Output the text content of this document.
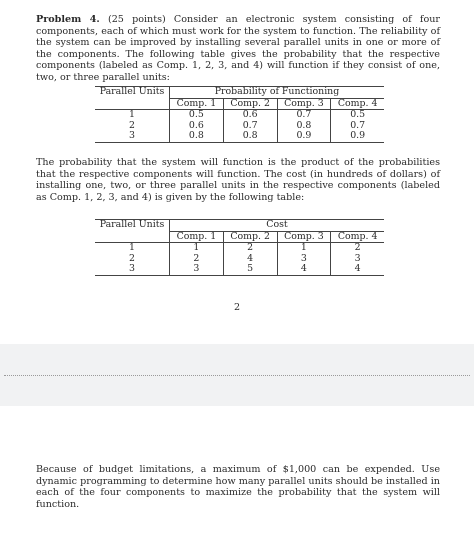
Problem 4. (25 points) Consider an electronic system consisting of four components, each of which must work for the system to function. The reliability of the system can be improved by installing several parallel units in one or more of the components. The following table gives the probability that the respective components (labeled as Comp. 1, 2, 3, and 4) will function if they consist of one, two, or three parallel units:

Parallel Units	Probability of Functioning			
	Comp. 1	Comp. 2	Comp. 3	Comp. 4
1	0.5	0.6	0.7	0.5
2	0.6	0.7	0.8	0.7
3	0.8	0.8	0.9	0.9

The probability that the system will function is the product of the probabilities that the respective components will function. The cost (in hundreds of dollars) of installing one, two, or three parallel units in the respective components (labeled as Comp. 1, 2, 3, and 4) is given by the following table:

Parallel Units	Cost			
	Comp. 1	Comp. 2	Comp. 3	Comp. 4
1	1	2	1	2
2	2	4	3	3
3	3	5	4	4
2

Because of budget limitations, a maximum of $1,000 can be expended. Use dynamic programming to determine how many parallel units should be installed in each of the four components to maximize the probability that the system will function.
